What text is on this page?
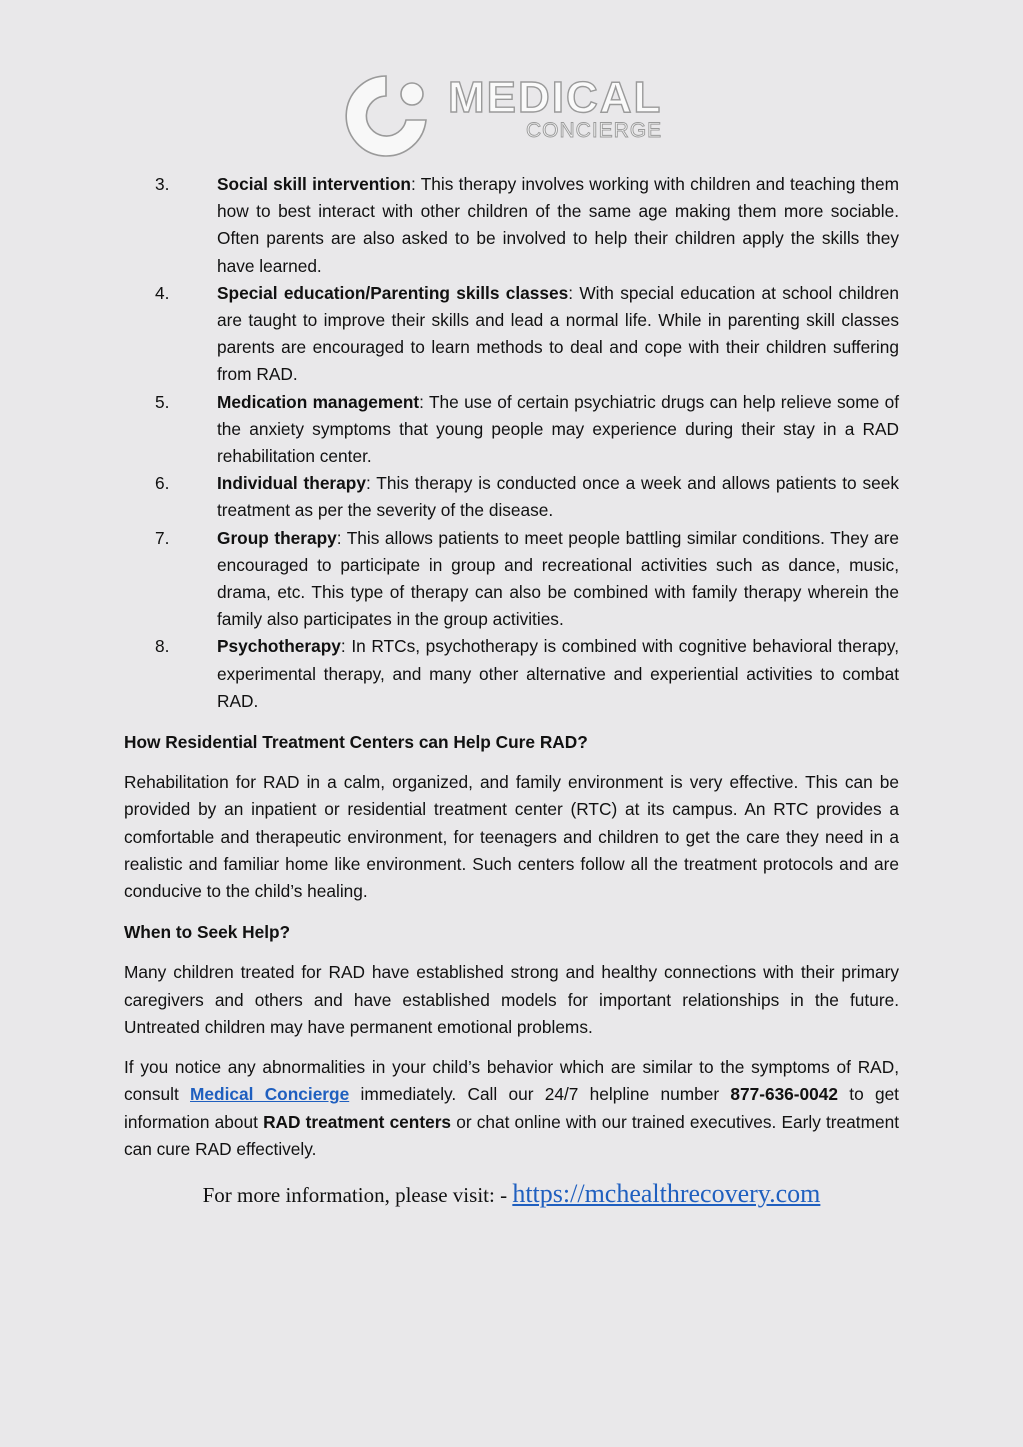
MEDICAL
CONCIERGE
3.	Social skill intervention: This therapy involves working with children and teaching them how to best interact with other children of the same age making them more sociable. Often parents are also asked to be involved to help their children apply the skills they have learned.
4.	Special education/Parenting skills classes: With special education at school children are taught to improve their skills and lead a normal life. While in parenting skill classes parents are encouraged to learn methods to deal and cope with their children suffering from RAD.
5.	Medication management: The use of certain psychiatric drugs can help relieve some of the anxiety symptoms that young people may experience during their stay in a RAD rehabilitation center.
6.	Individual therapy: This therapy is conducted once a week and allows patients to seek treatment as per the severity of the disease.
7.	Group therapy: This allows patients to meet people battling similar conditions. They are encouraged to participate in group and recreational activities such as dance, music, drama, etc. This type of therapy can also be combined with family therapy wherein the family also participates in the group activities.
8.	Psychotherapy: In RTCs, psychotherapy is combined with cognitive behavioral therapy, experimental therapy, and many other alternative and experiential activities to combat RAD.
How Residential Treatment Centers can Help Cure RAD?

Rehabilitation for RAD in a calm, organized, and family environment is very effective. This can be provided by an inpatient or residential treatment center (RTC) at its campus. An RTC provides a comfortable and therapeutic environment, for teenagers and children to get the care they need in a realistic and familiar home like environment. Such centers follow all the treatment protocols and are conducive to the child’s healing.

When to Seek Help?

Many children treated for RAD have established strong and healthy connections with their primary caregivers and others and have established models for important relationships in the future. Untreated children may have permanent emotional problems.

If you notice any abnormalities in your child’s behavior which are similar to the symptoms of RAD, consult Medical Concierge immediately. Call our 24/7 helpline number 877-636-0042 to get information about RAD treatment centers or chat online with our trained executives. Early treatment can cure RAD effectively.

For more information, please visit: - https://mchealthrecovery.com
